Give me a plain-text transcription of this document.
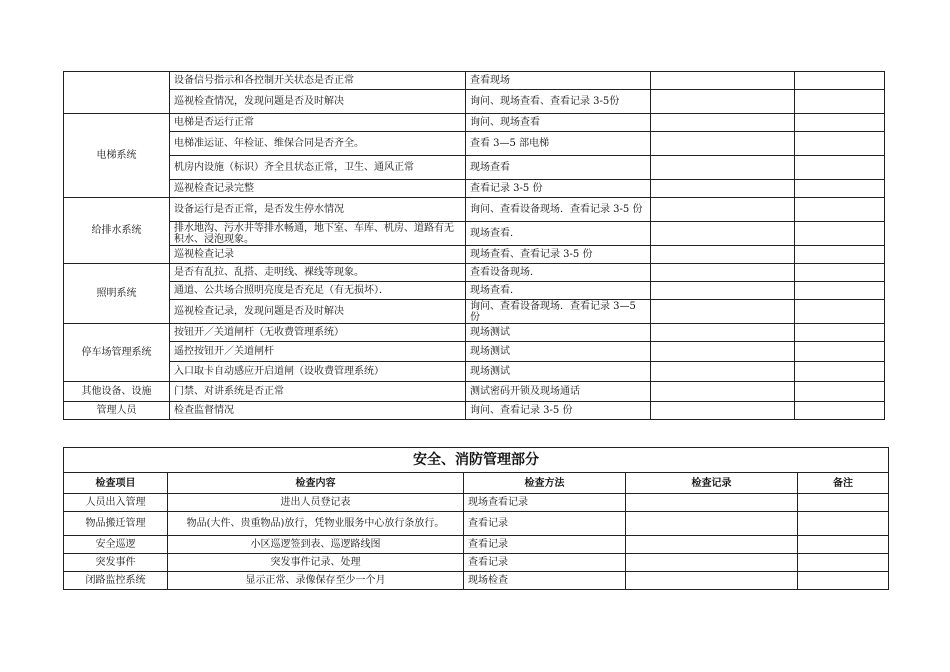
	设备信号指示和各控制开关状态是否正常	查看现场		
	巡视检查情况，发现问题是否及时解决	询问、现场查看、查看记录 3-5份		
电梯系统	电梯是否运行正常	询问、现场查看		
	电梯准运证、年检证、维保合同是否齐全。	查看 3—5 部电梯		
	机房内设施（标识）齐全且状态正常，卫生、通风正常	现场查看		
	巡视检查记录完整	查看记录 3-5 份		
给排水系统	设备运行是否正常，是否发生停水情况	询问、查看设备现场．查看记录 3-5 份		
	排水地沟、污水井等排水畅通，地下室、车库、机房、道路有无积水、浸泡现象。	现场查看．		
	巡视检查记录	现场查看、查看记录 3-5 份		
照明系统	是否有乱拉、乱搭、走明线、裸线等现象。	查看设备现场．		
	通道、公共场合照明亮度是否充足（有无损坏）．	现场查看．		
	巡视检查记录，发现问题是否及时解决	询问、查看设备现场．查看记录 3—5 份		
停车场管理系统	按钮开／关道闸杆（无收费管理系统）	现场测试		
	遥控按钮开／关道闸杆	现场测试		
	入口取卡自动感应开启道闸（设收费管理系统）	现场测试		
其他设备、设施	门禁、对讲系统是否正常	测试密码开锁及现场通话		
管理人员	检查监督情况	询问、查看记录 3-5 份		
安全、消防管理部分				
检查项目	检查内容	检查方法	检查记录	备注
人员出入管理	进出人员登记表	现场查看记录		
物品搬迁管理	物品(大件、贵重物品)放行，凭物业服务中心放行条放行。	查看记录		
安全巡逻	小区巡逻签到表、巡逻路线图	查看记录		
突发事件	突发事件记录、处理	查看记录		
闭路监控系统	显示正常、录像保存至少一个月	现场检查		
